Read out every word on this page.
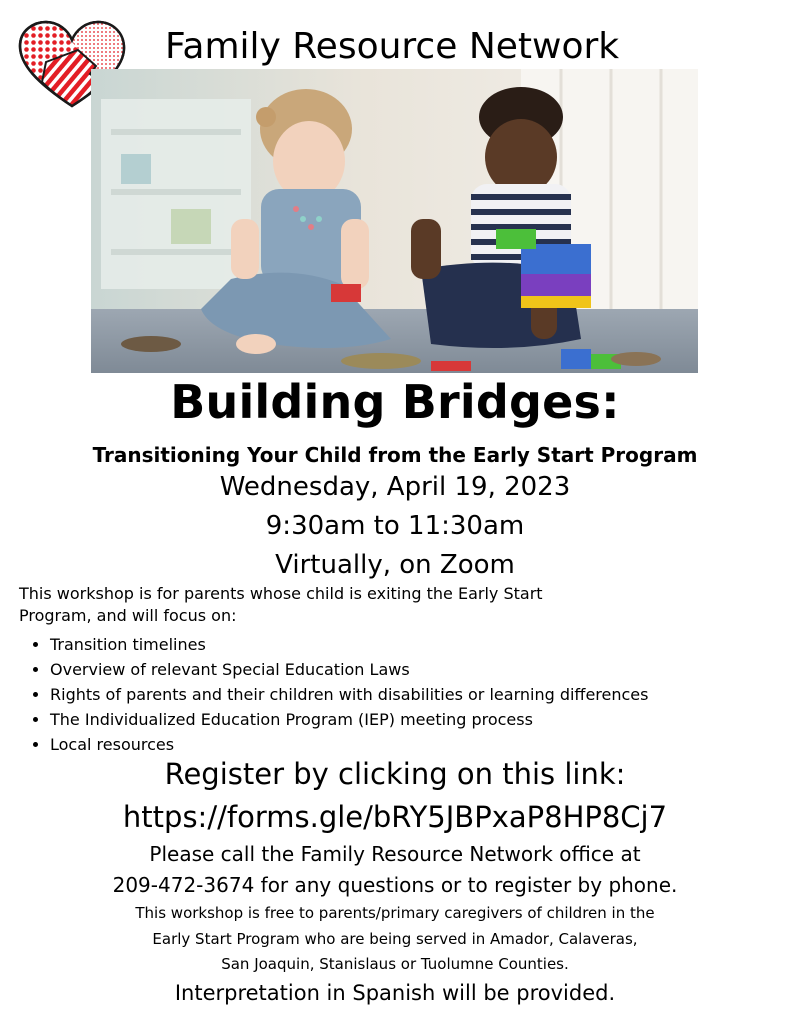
Family Resource Network
Building Bridges:
Transitioning Your Child from the Early Start Program
Wednesday, April 19, 2023
9:30am to 11:30am
Virtually, on Zoom
This workshop is for parents whose child is exiting the Early Start Program, and will focus on:
• Transition timelines
• Overview of relevant Special Education Laws
• Rights of parents and their children with disabilities or learning differences
• The Individualized Education Program (IEP) meeting process
• Local resources
Register by clicking on this link:
https://forms.gle/bRY5JBPxaP8HP8Cj7
Please call the Family Resource Network office at
209-472-3674 for any questions or to register by phone.
This workshop is free to parents/primary caregivers of children in the
Early Start Program who are being served in Amador, Calaveras,
San Joaquin, Stanislaus or Tuolumne Counties.
Interpretation in Spanish will be provided.
